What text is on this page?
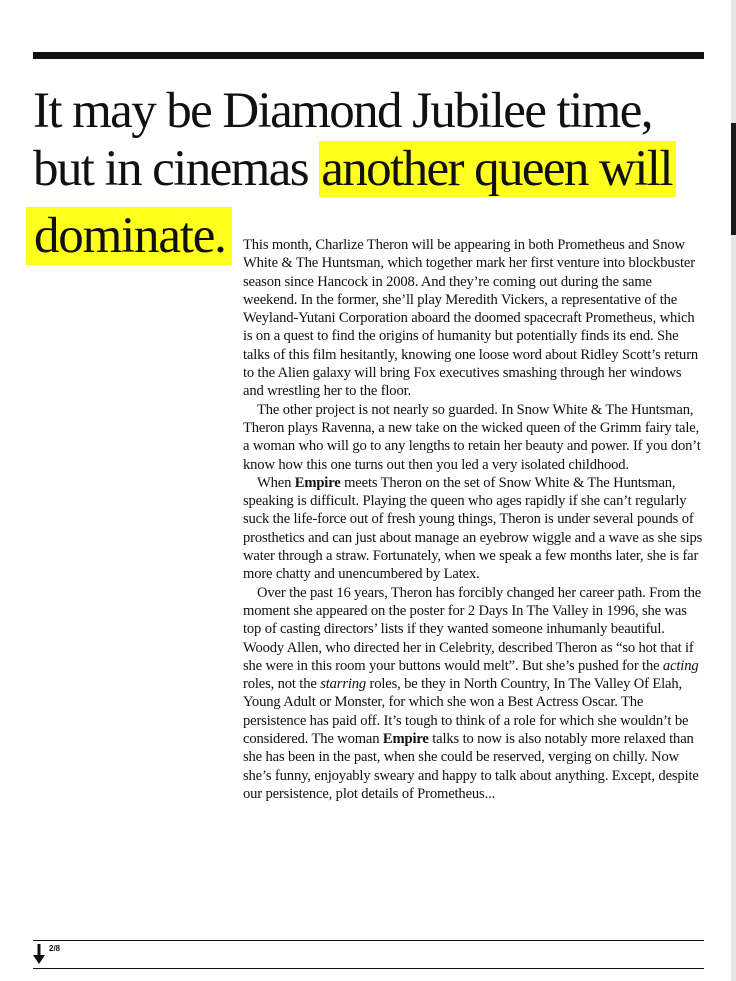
It may be Diamond Jubilee time,
but in cinemas another queen will
dominate.	This month, Charlize Theron will be appearing in both Prometheus and Snow White & The Huntsman, which together mark her first venture into blockbuster season since Hancock in 2008. And they’re coming out during the same weekend. In the former, she’ll play Meredith Vickers, a representative of the Weyland-Yutani Corporation aboard the doomed spacecraft Prometheus, which is on a quest to find the origins of humanity but potentially finds its end. She talks of this film hesitantly, knowing one loose word about Ridley Scott’s return to the Alien galaxy will bring Fox executives smashing through her windows and wrestling her to the floor.

The other project is not nearly so guarded. In Snow White & The Huntsman, Theron plays Ravenna, a new take on the wicked queen of the Grimm fairy tale, a woman who will go to any lengths to retain her beauty and power. If you don’t know how this one turns out then you led a very isolated childhood.

When Empire meets Theron on the set of Snow White & The Huntsman, speaking is difficult. Playing the queen who ages rapidly if she can’t regularly suck the life-force out of fresh young things, Theron is under several pounds of prosthetics and can just about manage an eyebrow wiggle and a wave as she sips water through a straw. Fortunately, when we speak a few months later, she is far more chatty and unencumbered by Latex.

Over the past 16 years, Theron has forcibly changed her career path. From the moment she appeared on the poster for 2 Days In The Valley in 1996, she was top of casting directors’ lists if they wanted someone inhumanly beautiful. Woody Allen, who directed her in Celebrity, described Theron as “so hot that if she were in this room your buttons would melt”. But she’s pushed for the acting roles, not the starring roles, be they in North Country, In The Valley Of Elah, Young Adult or Monster, for which she won a Best Actress Oscar. The persistence has paid off. It’s tough to think of a role for which she wouldn’t be considered. The woman Empire talks to now is also notably more relaxed than she has been in the past, when she could be reserved, verging on chilly. Now she’s funny, enjoyably sweary and happy to talk about anything. Except, despite our persistence, plot details of Prometheus...

2/8
